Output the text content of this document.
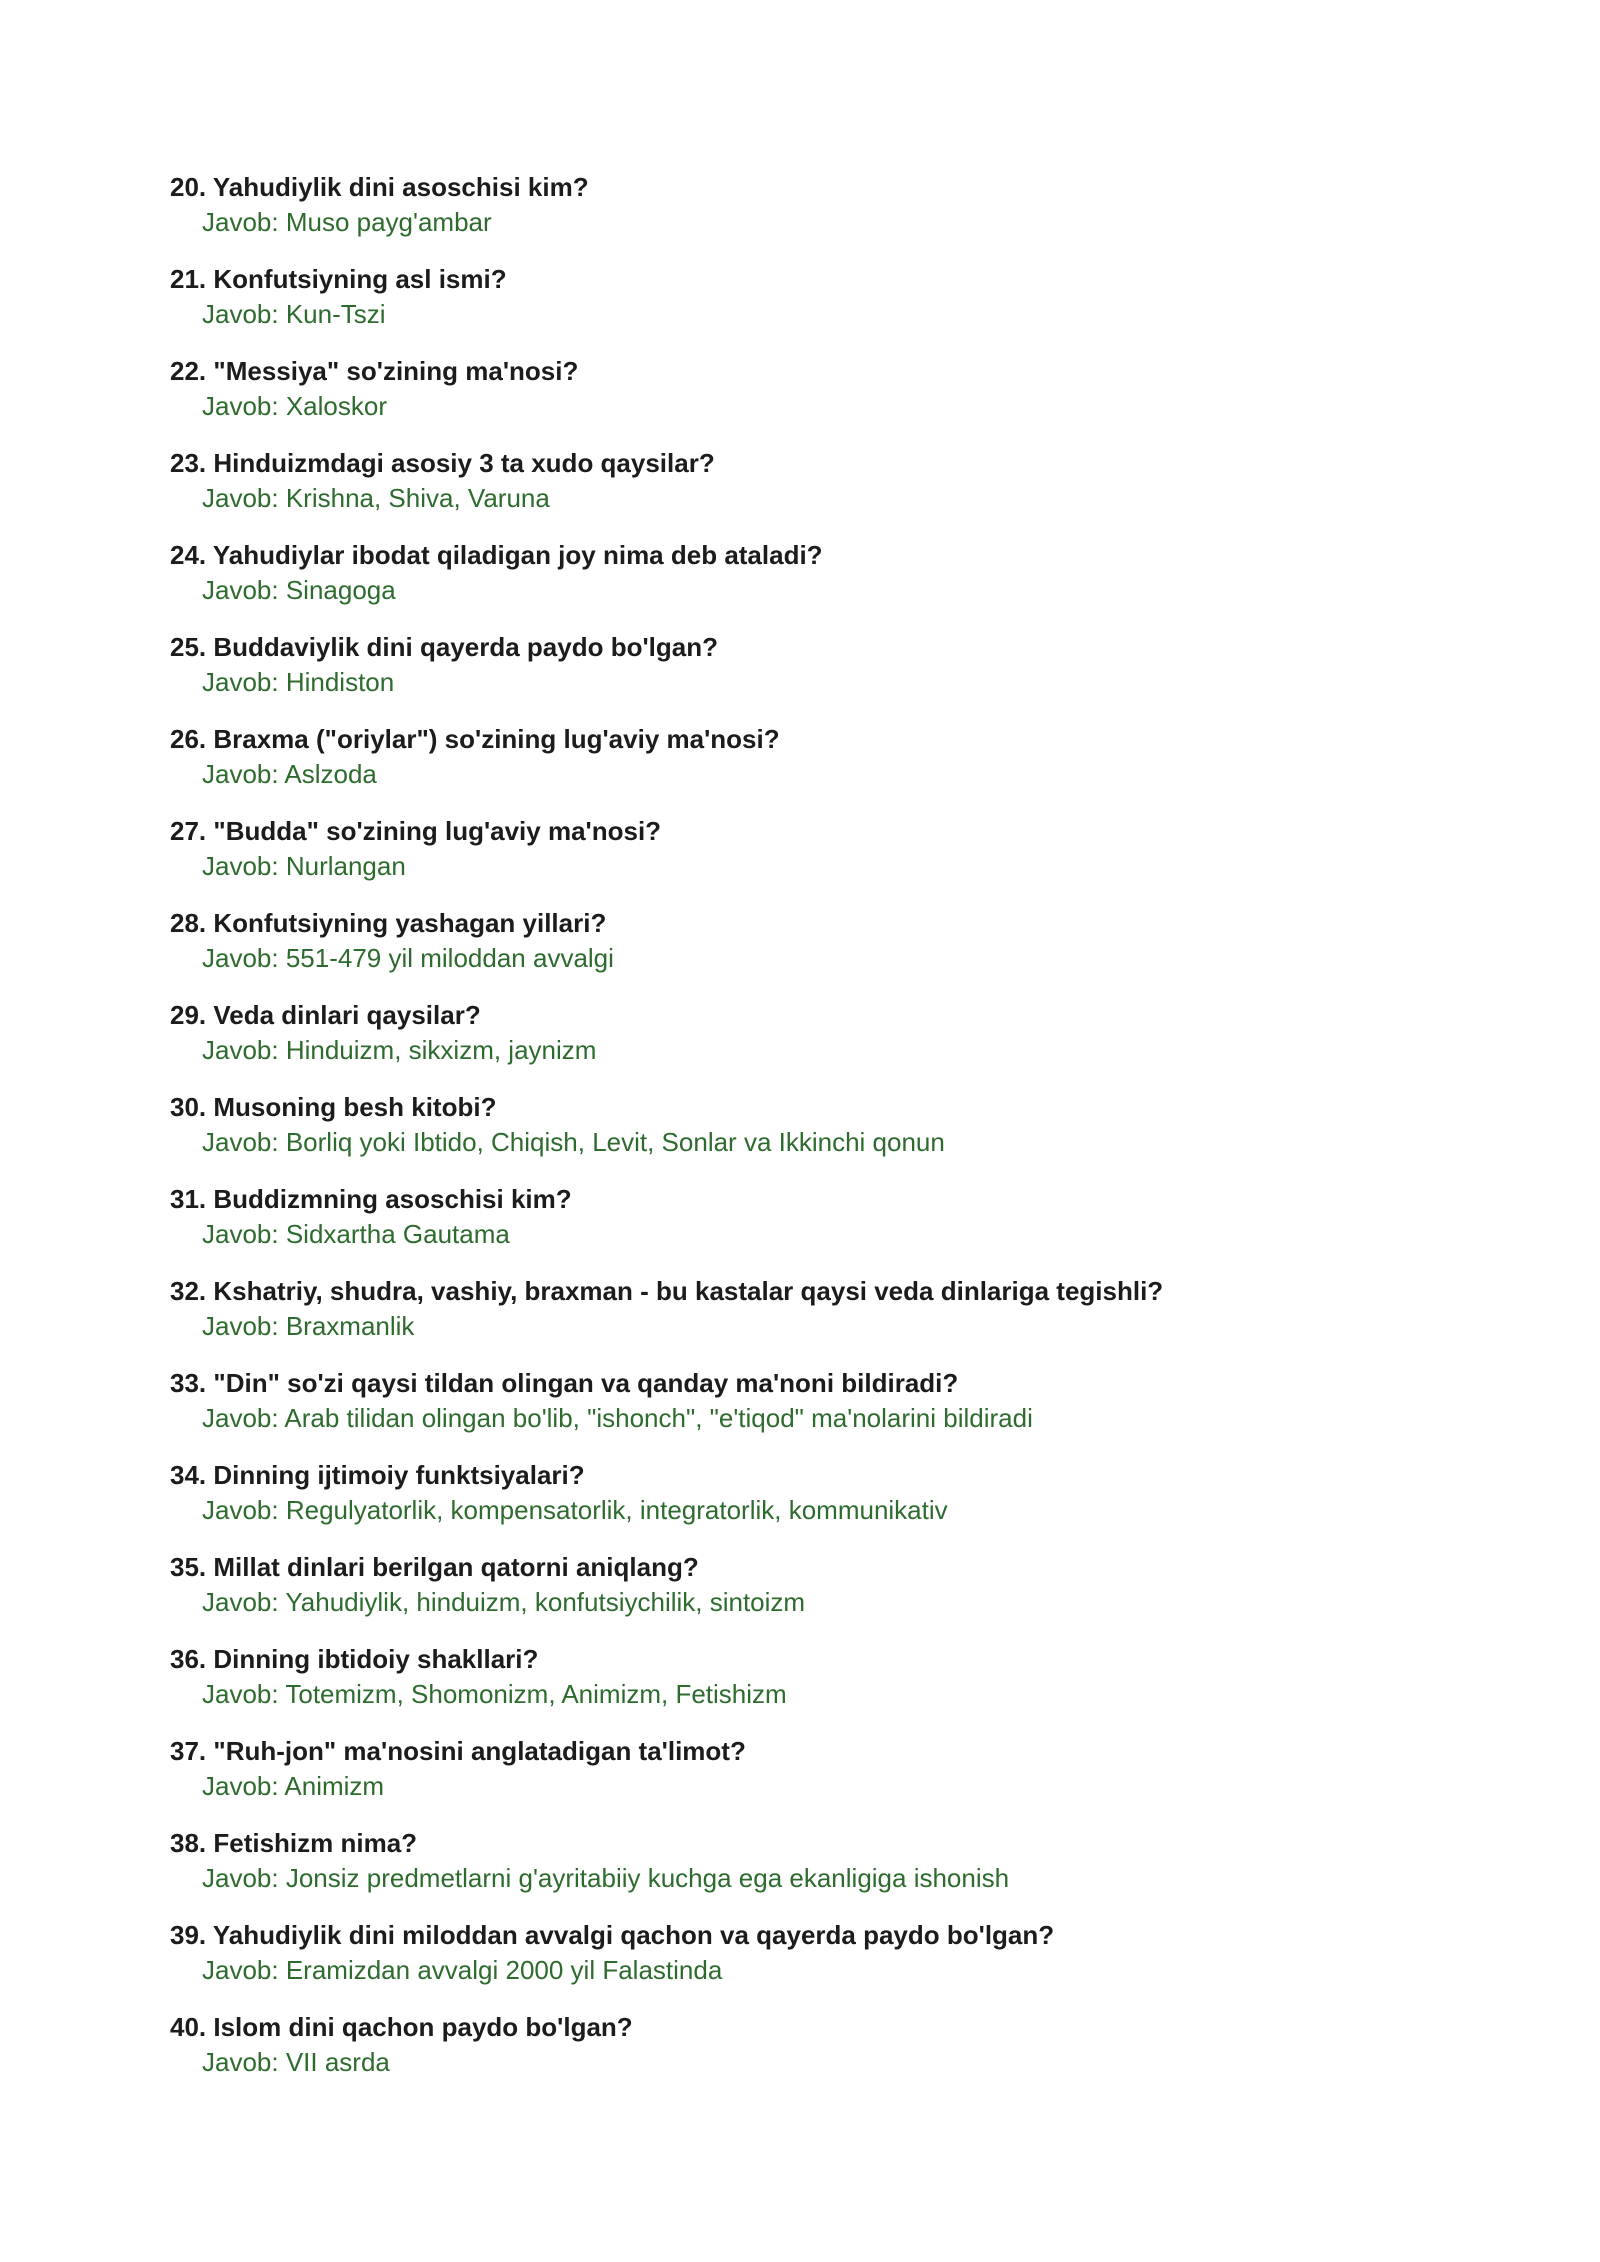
20. Yahudiylik dini asoschisi kim?
Javob: Muso payg'ambar
21. Konfutsiyning asl ismi?
Javob: Kun-Tszi
22. "Messiya" so'zining ma'nosi?
Javob: Xaloskor
23. Hinduizmdagi asosiy 3 ta xudo qaysilar?
Javob: Krishna, Shiva, Varuna
24. Yahudiylar ibodat qiladigan joy nima deb ataladi?
Javob: Sinagoga
25. Buddaviylik dini qayerda paydo bo'lgan?
Javob: Hindiston
26. Braxma ("oriylar") so'zining lug'aviy ma'nosi?
Javob: Aslzoda
27. "Budda" so'zining lug'aviy ma'nosi?
Javob: Nurlangan
28. Konfutsiyning yashagan yillari?
Javob: 551-479 yil miloddan avvalgi
29. Veda dinlari qaysilar?
Javob: Hinduizm, sikxizm, jaynizm
30. Musoning besh kitobi?
Javob: Borliq yoki Ibtido, Chiqish, Levit, Sonlar va Ikkinchi qonun
31. Buddizmning asoschisi kim?
Javob: Sidxartha Gautama
32. Kshatriy, shudra, vashiy, braxman - bu kastalar qaysi veda dinlariga tegishli?
Javob: Braxmanlik
33. "Din" so'zi qaysi tildan olingan va qanday ma'noni bildiradi?
Javob: Arab tilidan olingan bo'lib, "ishonch", "e'tiqod" ma'nolarini bildiradi
34. Dinning ijtimoiy funktsiyalari?
Javob: Regulyatorlik, kompensatorlik, integratorlik, kommunikativ
35. Millat dinlari berilgan qatorni aniqlang?
Javob: Yahudiylik, hinduizm, konfutsiychilik, sintoizm
36. Dinning ibtidoiy shakllari?
Javob: Totemizm, Shomonizm, Animizm, Fetishizm
37. "Ruh-jon" ma'nosini anglatadigan ta'limot?
Javob: Animizm
38. Fetishizm nima?
Javob: Jonsiz predmetlarni g'ayritabiiy kuchga ega ekanligiga ishonish
39. Yahudiylik dini miloddan avvalgi qachon va qayerda paydo bo'lgan?
Javob: Eramizdan avvalgi 2000 yil Falastinda
40. Islom dini qachon paydo bo'lgan?
Javob: VII asrda
